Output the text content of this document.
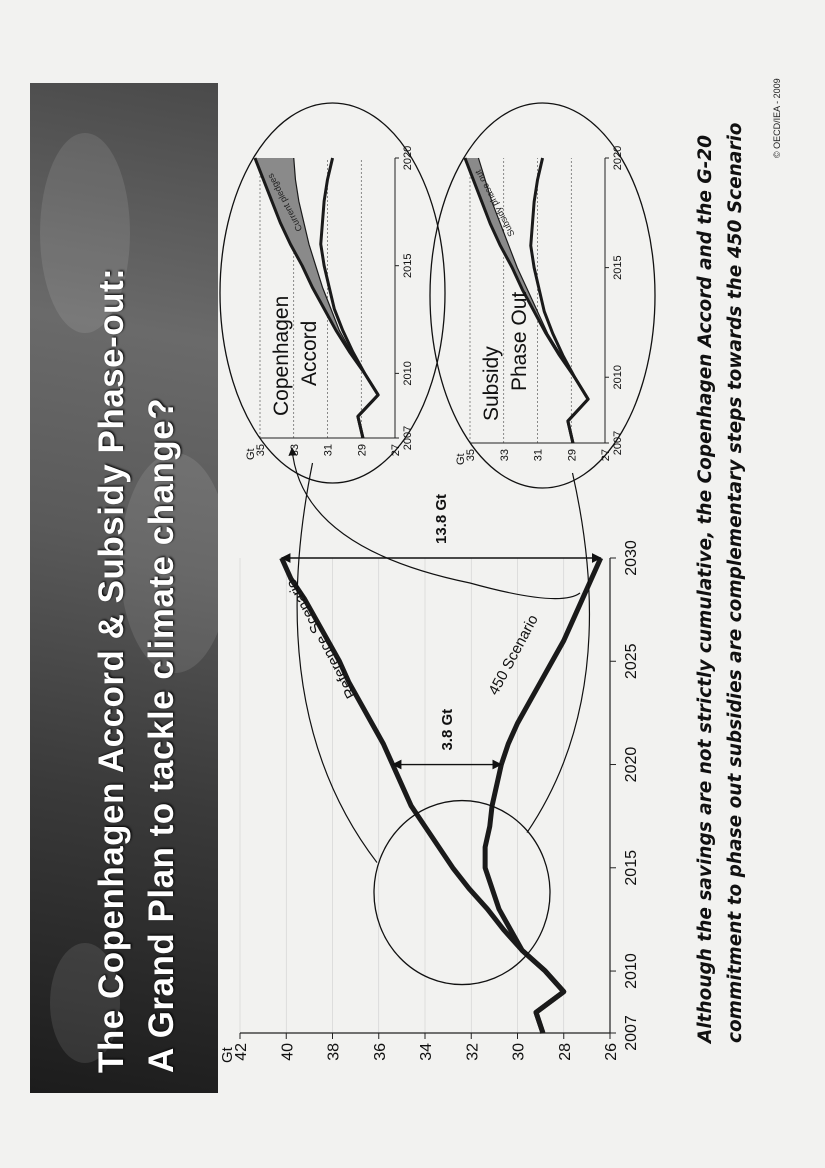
The Copenhagen Accord & Subsidy Phase-out: A Grand Plan to tackle climate change?	26
28
30
32
34
36
38
40
42
2007
2010
2015
2020
2025
2030
Gt
Reference Scenario	450 Scenario
3.8 Gt
13.8 Gt
27
29
31
33
35	2007
2010
2015
2020
Gt
Current pledges
Copenhagen Accord
27
29
31
33
35	2007
2010
2015
2020
Gt
Subsidy phase out
Subsidy Phase Out	Although the savings are not strictly cumulative, the Copenhagen Accord and the G-20 commitment to phase out subsidies are complementary steps towards the 450 Scenario
© OECD/IEA - 2009
